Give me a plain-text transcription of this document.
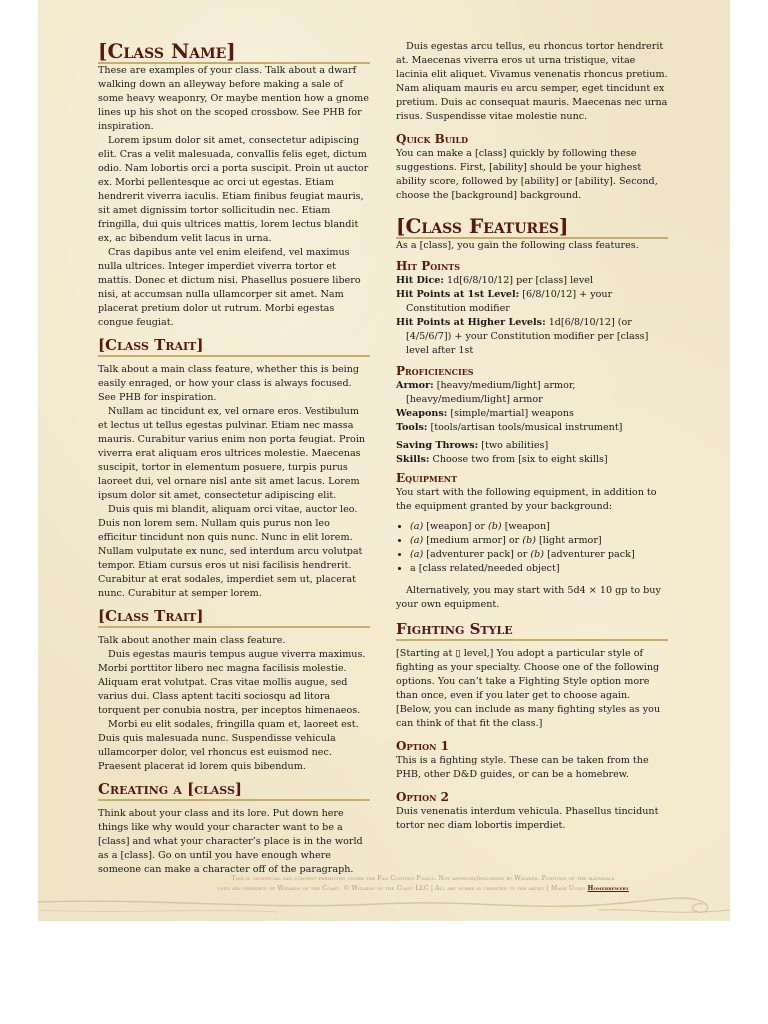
[Class Name]

These are examples of your class. Talk about a dwarf walking down an alleyway before making a sale of some heavy weaponry, Or maybe mention how a gnome lines up his shot on the scoped crossbow. See PHB for inspiration.

Lorem ipsum dolor sit amet, consectetur adipiscing elit. Cras a velit malesuada, convallis felis eget, dictum odio. Nam lobortis orci a porta suscipit. Proin ut auctor ex. Morbi pellentesque ac orci ut egestas. Etiam hendrerit viverra iaculis. Etiam finibus feugiat mauris, sit amet dignissim tortor sollicitudin nec. Etiam fringilla, dui quis ultrices mattis, lorem lectus blandit ex, ac bibendum velit lacus in urna.

Cras dapibus ante vel enim eleifend, vel maximus nulla ultrices. Integer imperdiet viverra tortor et mattis. Donec et dictum nisi. Phasellus posuere libero nisi, at accumsan nulla ullamcorper sit amet. Nam placerat pretium dolor ut rutrum. Morbi egestas congue feugiat.

[Class Trait]

Talk about a main class feature, whether this is being easily enraged, or how your class is always focused. See PHB for inspiration.

Nullam ac tincidunt ex, vel ornare eros. Vestibulum et lectus ut tellus egestas pulvinar. Etiam nec massa mauris. Curabitur varius enim non porta feugiat. Proin viverra erat aliquam eros ultrices molestie. Maecenas suscipit, tortor in elementum posuere, turpis purus laoreet dui, vel ornare nisl ante sit amet lacus. Lorem ipsum dolor sit amet, consectetur adipiscing elit.

Duis quis mi blandit, aliquam orci vitae, auctor leo. Duis non lorem sem. Nullam quis purus non leo efficitur tincidunt non quis nunc. Nunc in elit lorem. Nullam vulputate ex nunc, sed interdum arcu volutpat tempor. Etiam cursus eros ut nisi facilisis hendrerit. Curabitur at erat sodales, imperdiet sem ut, placerat nunc. Curabitur at semper lorem.

[Class Trait]

Talk about another main class feature.

Duis egestas mauris tempus augue viverra maximus. Morbi porttitor libero nec magna facilisis molestie. Aliquam erat volutpat. Cras vitae mollis augue, sed varius dui. Class aptent taciti sociosqu ad litora torquent per conubia nostra, per inceptos himenaeos.

Morbi eu elit sodales, fringilla quam et, laoreet est. Duis quis malesuada nunc. Suspendisse vehicula ullamcorper dolor, vel rhoncus est euismod nec. Praesent placerat id lorem quis bibendum.

Creating a [class]

Think about your class and its lore. Put down here things like why would your character want to be a [class] and what your character’s place is in the world as a [class]. Go on until you have enough where someone can make a character off of the paragraph.

Duis egestas arcu tellus, eu rhoncus tortor hendrerit at. Maecenas viverra eros ut urna tristique, vitae lacinia elit aliquet. Vivamus venenatis rhoncus pretium. Nam aliquam mauris eu arcu semper, eget tincidunt ex pretium. Duis ac consequat mauris. Maecenas nec urna risus. Suspendisse vitae molestie nunc.

Quick Build

You can make a [class] quickly by following these suggestions. First, [ability] should be your highest ability score, followed by [ability] or [ability]. Second, choose the [background] background.

[Class Features]

As a [class], you gain the following class features.

Hit Points

Hit Dice: 1d[6/8/10/12] per [class] level

Hit Points at 1st Level: [6/8/10/12] + your Constitution modifier

Hit Points at Higher Levels: 1d[6/8/10/12] (or [4/5/6/7]) + your Constitution modifier per [class] level after 1st

Proficiencies

Armor: [heavy/medium/light] armor, [heavy/medium/light] armor

Weapons: [simple/martial] weapons

Tools: [tools/artisan tools/musical instrument]

Saving Throws: [two abilities]

Skills: Choose two from [six to eight skills]

Equipment

You start with the following equipment, in addition to the equipment granted by your background:

• (a) [weapon] or (b) [weapon]
• (a) [medium armor] or (b) [light armor]
• (a) [adventurer pack] or (b) [adventurer pack]
• a [class related/needed object]

Alternatively, you may start with 5d4 × 10 gp to buy your own equipment.

Fighting Style

[Starting at ▯ level,] You adopt a particular style of fighting as your specialty. Choose one of the following options. You can’t take a Fighting Style option more than once, even if you later get to choose again. [Below, you can include as many fighting styles as you can think of that fit the class.]

Option 1

This is a fighting style. These can be taken from the PHB, other D&D guides, or can be a homebrew.

Option 2

Duis venenatis interdum vehicula. Phasellus tincidunt tortor nec diam lobortis imperdiet.

This is unofficial fan content permitted under the Fan Content Policy. Not approved/endorsed by Wizards. Portions of the materials
used are property of Wizards of the Coast. © Wizards of the Coast LLC | All art works is credited to the artist | Made Using Homebrewery
